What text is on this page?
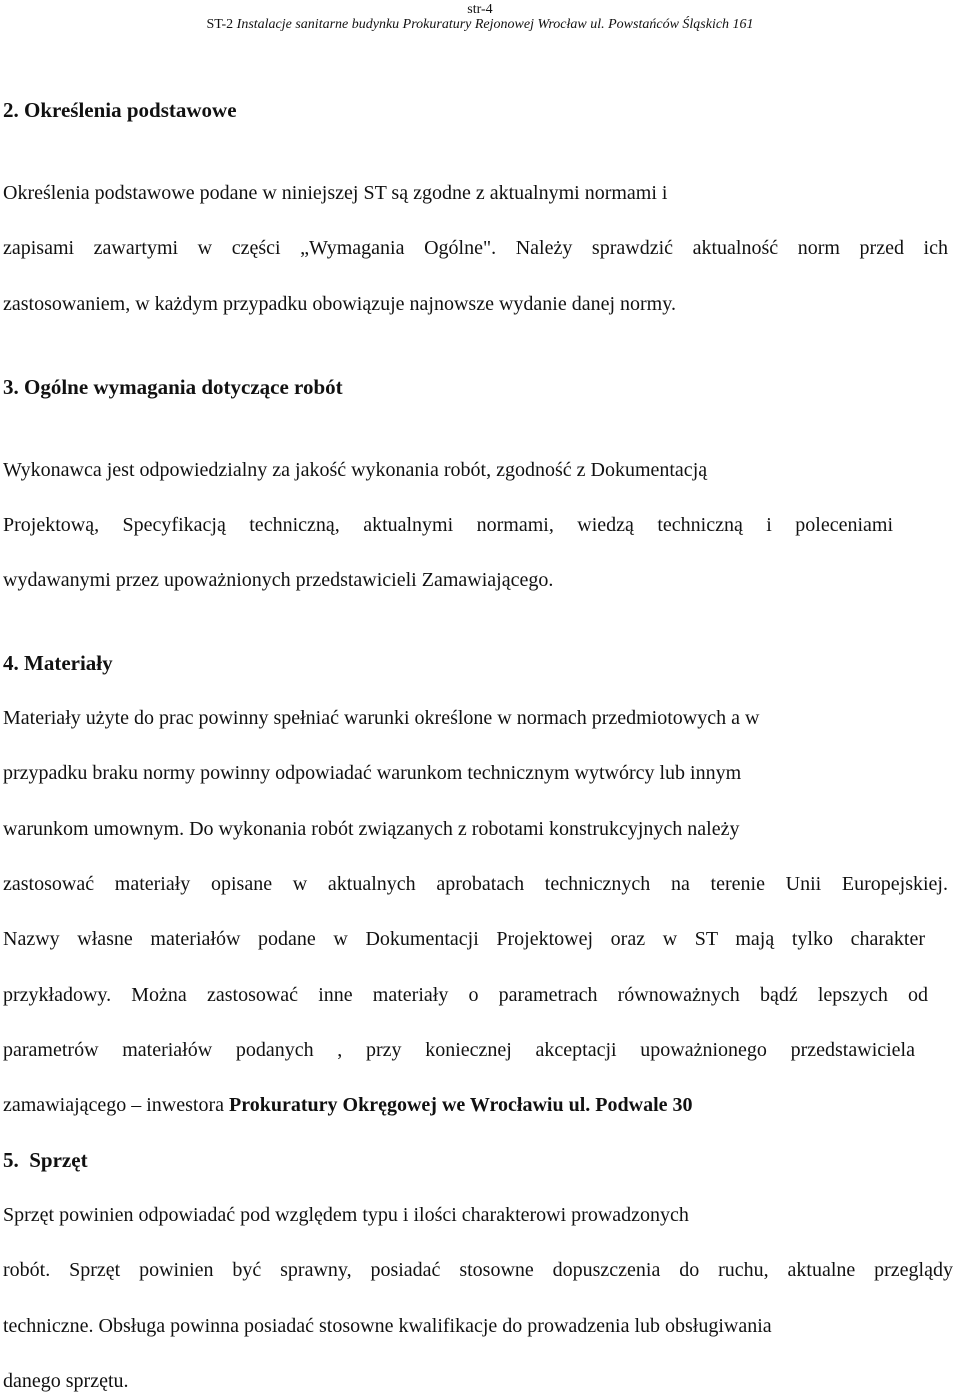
str-4
ST-2 Instalacje sanitarne budynku Prokuratury Rejonowej Wrocław ul. Powstańców Śląskich 161
2. Określenia podstawowe
Określenia podstawowe podane w niniejszej ST są zgodne z aktualnymi normami i
zapisami zawartymi w części „Wymagania Ogólne". Należy sprawdzić aktualność norm przed ich
zastosowaniem, w każdym przypadku obowiązuje najnowsze wydanie danej normy.
3. Ogólne wymagania dotyczące robót
Wykonawca jest odpowiedzialny za jakość wykonania robót, zgodność z Dokumentacją
Projektową, Specyfikacją techniczną, aktualnymi normami, wiedzą techniczną i poleceniami
wydawanymi przez upoważnionych przedstawicieli Zamawiającego.
4. Materiały
Materiały użyte do prac powinny spełniać warunki określone w normach przedmiotowych a w
przypadku braku normy powinny odpowiadać warunkom technicznym wytwórcy lub innym
warunkom umownym. Do wykonania robót związanych z robotami konstrukcyjnych należy
zastosować materiały opisane w aktualnych aprobatach technicznych na terenie Unii Europejskiej.
Nazwy własne materiałów podane w Dokumentacji Projektowej oraz w ST mają tylko charakter
przykładowy. Można zastosować inne materiały o parametrach równoważnych bądź lepszych od
parametrów materiałów podanych , przy koniecznej akceptacji upoważnionego przedstawiciela
zamawiającego – inwestora Prokuratury Okręgowej we Wrocławiu ul. Podwale 30
5.  Sprzęt
Sprzęt powinien odpowiadać pod względem typu i ilości charakterowi prowadzonych
robót. Sprzęt powinien być sprawny, posiadać stosowne dopuszczenia do ruchu, aktualne przeglądy
techniczne. Obsługa powinna posiadać stosowne kwalifikacje do prowadzenia lub obsługiwania
danego sprzętu.
